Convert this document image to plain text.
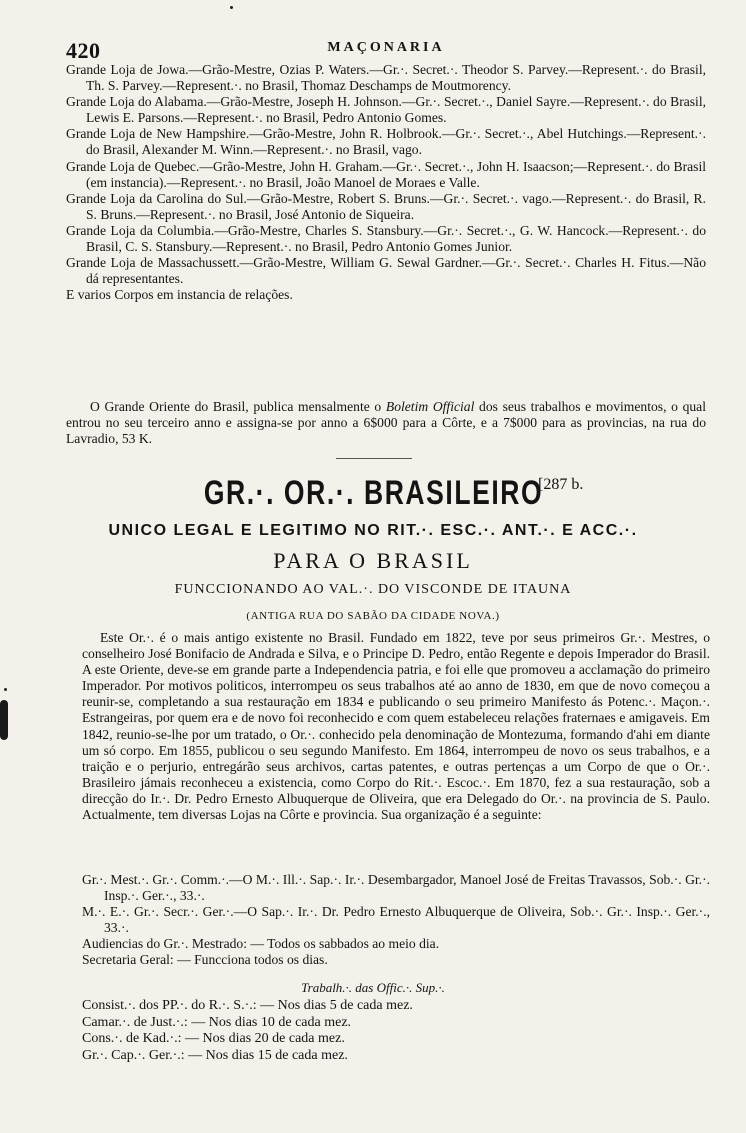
420	MAÇONARIA

Grande Loja de Jowa.—Grão-Mestre, Ozias P. Waters.—Gr.·. Secret.·. Theodor S. Parvey.—Represent.·. do Brasil, Th. S. Parvey.—Represent.·. no Brasil, Thomaz Deschamps de Moutmorency.

Grande Loja do Alabama.—Grão-Mestre, Joseph H. Johnson.—Gr.·. Secret.·., Daniel Sayre.—Represent.·. do Brasil, Lewis E. Parsons.—Represent.·. no Brasil, Pedro Antonio Gomes.

Grande Loja de New Hampshire.—Grão-Mestre, John R. Holbrook.—Gr.·. Secret.·., Abel Hutchings.—Represent.·. do Brasil, Alexander M. Winn.—Represent.·. no Brasil, vago.

Grande Loja de Quebec.—Grão-Mestre, John H. Graham.—Gr.·. Secret.·., John H. Isaacson;—Represent.·. do Brasil (em instancia).—Represent.·. no Brasil, João Manoel de Moraes e Valle.

Grande Loja da Carolina do Sul.—Grão-Mestre, Robert S. Bruns.—Gr.·. Secret.·. vago.—Represent.·. do Brasil, R. S. Bruns.—Represent.·. no Brasil, José Antonio de Siqueira.

Grande Loja da Columbia.—Grão-Mestre, Charles S. Stansbury.—Gr.·. Secret.·., G. W. Hancock.—Represent.·. do Brasil, C. S. Stansbury.—Represent.·. no Brasil, Pedro Antonio Gomes Junior.

Grande Loja de Massachussett.—Grão-Mestre, William G. Sewal Gardner.—Gr.·. Secret.·. Charles H. Fitus.—Não dá representantes.

E varios Corpos em instancia de relações.

O Grande Oriente do Brasil, publica mensalmente o Boletim Official dos seus trabalhos e movimentos, o qual entrou no seu terceiro anno e assigna-se por anno a 6$000 para a Côrte, e a 7$000 para as provincias, na rua do Lavradio, 53 K.

GR.·. OR.·. BRASILEIRO
[287 b.
UNICO LEGAL E LEGITIMO NO RIT.·. ESC.·. ANT.·. E ACC.·.
PARA O BRASIL
FUNCCIONANDO AO VAL.·. DO VISCONDE DE ITAUNA
(ANTIGA RUA DO SABÃO DA CIDADE NOVA.)

Este Or.·. é o mais antigo existente no Brasil. Fundado em 1822, teve por seus primeiros Gr.·. Mestres, o conselheiro José Bonifacio de Andrada e Silva, e o Principe D. Pedro, então Regente e depois Imperador do Brasil. A este Oriente, deve-se em grande parte a Independencia patria, e foi elle que promoveu a acclamação do primeiro Imperador. Por motivos politicos, interrompeu os seus trabalhos até ao anno de 1830, em que de novo começou a reunir-se, completando a sua restauração em 1834 e publicando o seu primeiro Manifesto ás Potenc.·. Maçon.·. Estrangeiras, por quem era e de novo foi reconhecido e com quem estabeleceu relações fraternaes e amigaveis. Em 1842, reunio-se-lhe por um tratado, o Or.·. conhecido pela denominação de Montezuma, formando d'ahi em diante um só corpo. Em 1855, publicou o seu segundo Manifesto. Em 1864, interrompeu de novo os seus trabalhos, e a traição e o perjurio, entregárão seus archivos, cartas patentes, e outras pertenças a um Corpo de que o Or.·. Brasileiro jámais reconheceu a existencia, como Corpo do Rit.·. Escoc.·. Em 1870, fez a sua restauração, sob a direcção do Ir.·. Dr. Pedro Ernesto Albuquerque de Oliveira, que era Delegado do Or.·. na provincia de S. Paulo. Actualmente, tem diversas Lojas na Côrte e provincia. Sua organização é a seguinte:

Gr.·. Mest.·. Gr.·. Comm.·.—O M.·. Ill.·. Sap.·. Ir.·. Desembargador, Manoel José de Freitas Travassos, Sob.·. Gr.·. Insp.·. Ger.·., 33.·.

M.·. E.·. Gr.·. Secr.·. Ger.·.—O Sap.·. Ir.·. Dr. Pedro Ernesto Albuquerque de Oliveira, Sob.·. Gr.·. Insp.·. Ger.·., 33.·.

Audiencias do Gr.·. Mestrado: — Todos os sabbados ao meio dia.

Secretaria Geral: — Funcciona todos os dias.

Trabalh.·. das Offic.·. Sup.·.

Consist.·. dos PP.·. do R.·. S.·.: — Nos dias 5 de cada mez.

Camar.·. de Just.·.: — Nos dias 10 de cada mez.

Cons.·. de Kad.·.: — Nos dias 20 de cada mez.

Gr.·. Cap.·. Ger.·.: — Nos dias 15 de cada mez.
